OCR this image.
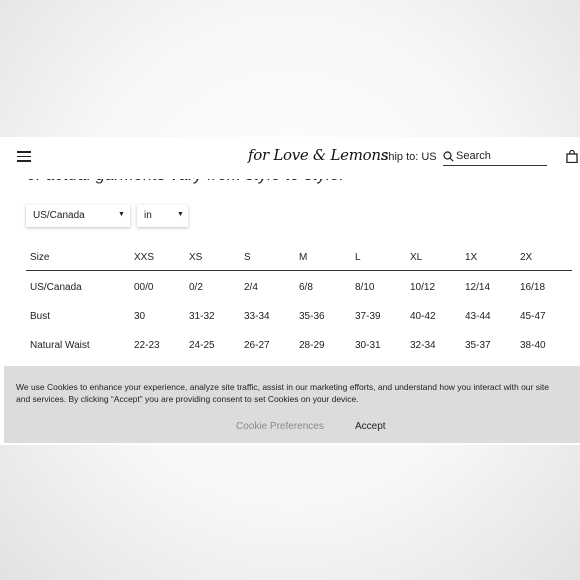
for Love & Lemons
Ship to: US Search
US/Canada	▼ in	▼
Size	XXS	XS	S	M	L	XL	1X	2X
US/Canada	00/0	0/2	2/4	6/8	8/10	10/12	12/14	16/18
Bust	30	31-32	33-34	35-36	37-39	40-42	43-44	45-47
Natural Waist	22-23	24-25	26-27	28-29	30-31	32-34	35-37	38-40
We use Cookies to enhance your experience, analyze site traffic, assist in our marketing efforts, and understand how you interact with our site and services. By clicking “Accept” you are providing consent to set Cookies on your device.
Cookie Preferences	Accept
